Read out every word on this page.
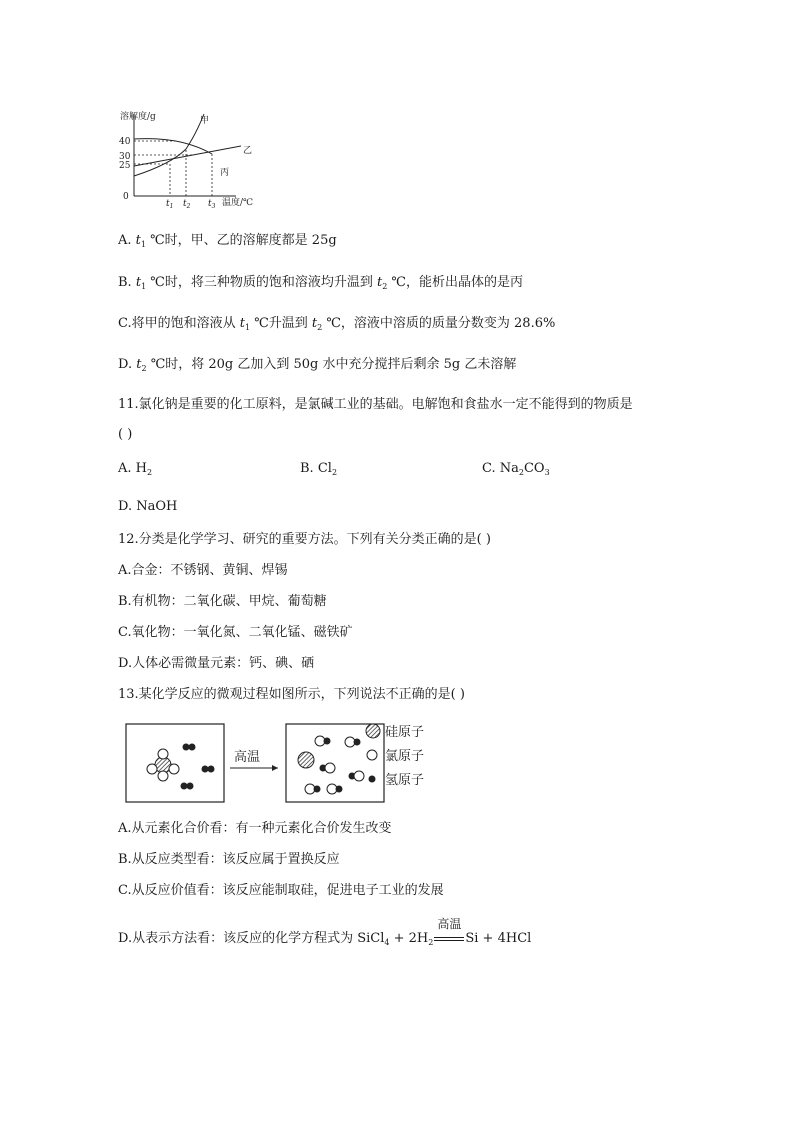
溶解度/g
温度/℃
40
30
25
0
$t_1$ $t_2$ $t_3$
甲
乙
丙
A. $t_1$ ℃时，甲、乙的溶解度都是 25g
B. $t_1$ ℃时，将三种物质的饱和溶液均升温到 $t_2$ ℃，能析出晶体的是丙
C.将甲的饱和溶液从 $t_1$ ℃升温到 $t_2$ ℃，溶液中溶质的质量分数变为 28.6%
D. $t_2$ ℃时，将 20g 乙加入到 50g 水中充分搅拌后剩余 5g 乙未溶解
11.氯化钠是重要的化工原料，是氯碱工业的基础。电解饱和食盐水一定不能得到的物质是
( )
A. $H_2$	B. $Cl_2$	C. $Na_2CO_3$
D. NaOH
12.分类是化学学习、研究的重要方法。下列有关分类正确的是( )
A.合金：不锈钢、黄铜、焊锡
B.有机物：二氧化碳、甲烷、葡萄糖
C.氧化物：一氧化氮、二氧化锰、磁铁矿
D.人体必需微量元素：钙、碘、硒
13.某化学反应的微观过程如图所示，下列说法不正确的是( )
高温
硅原子
氯原子
氢原子
A.从元素化合价看：有一种元素化合价发生改变
B.从反应类型看：该反应属于置换反应
C.从反应价值看：该反应能制取硅，促进电子工业的发展
D.从表示方法看：该反应的化学方程式为 SiCl$_4$ + $2H_2$
高温
Si + 4HCl
